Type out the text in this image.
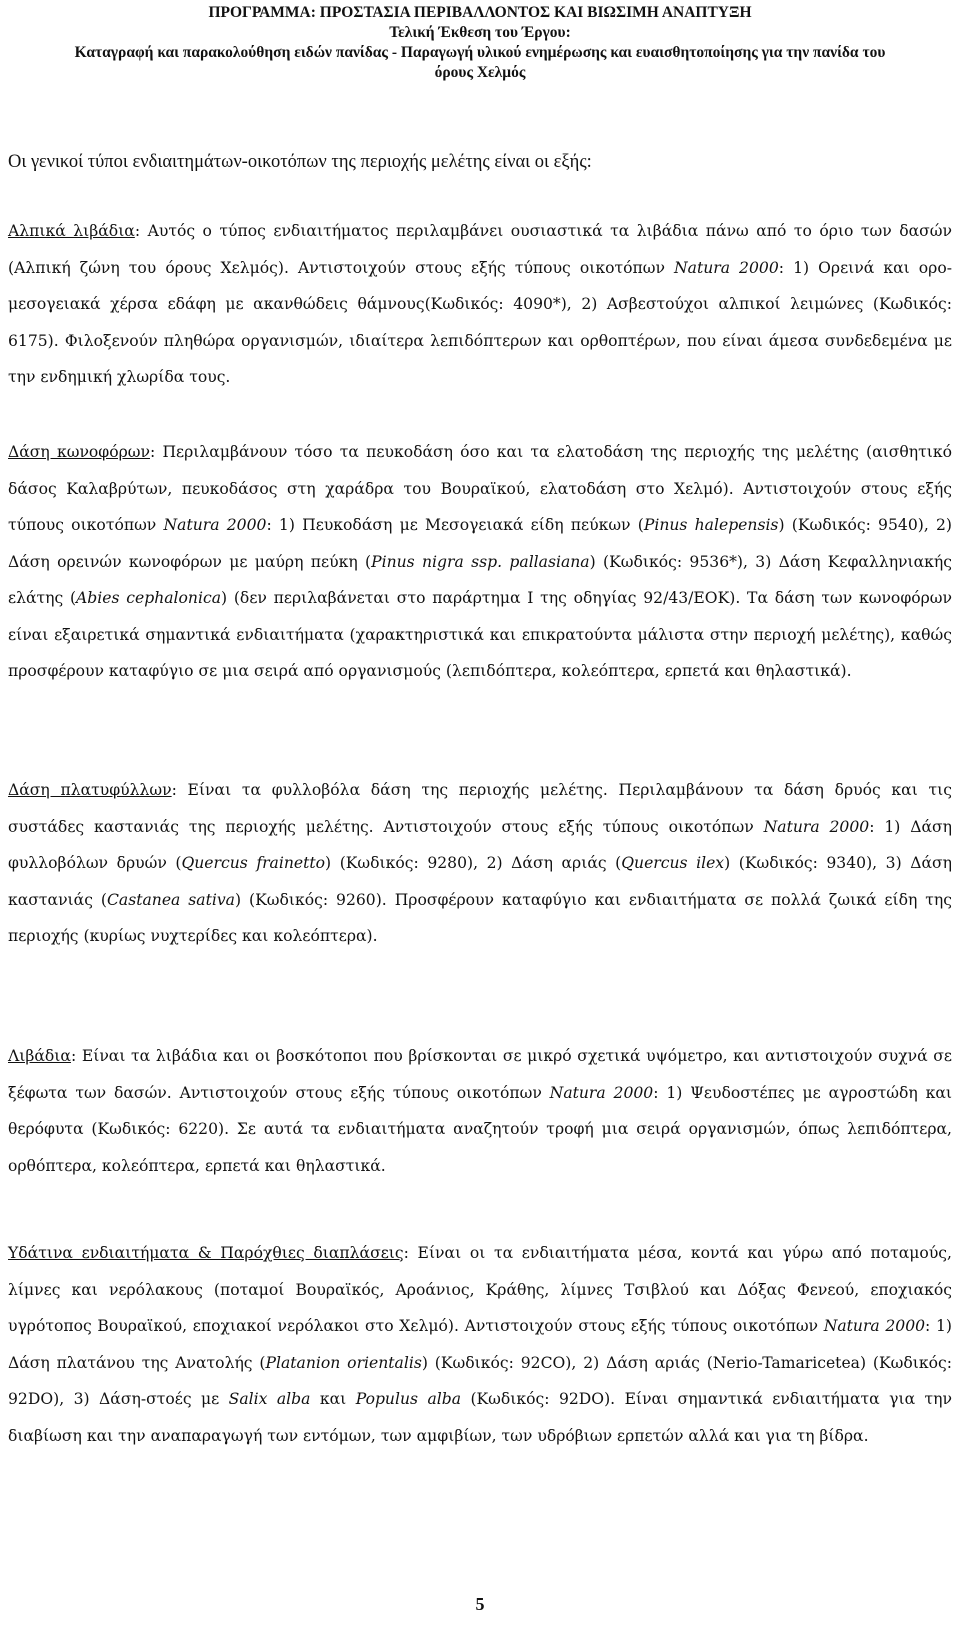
ΠΡΟΓΡΑΜΜΑ: ΠΡΟΣΤΑΣΙΑ ΠΕΡΙΒΑΛΛΟΝΤΟΣ ΚΑΙ ΒΙΩΣΙΜΗ ΑΝΑΠΤΥΞΗ
Τελική Έκθεση του Έργου:
Καταγραφή και παρακολούθηση ειδών πανίδας - Παραγωγή υλικού ενημέρωσης και ευαισθητοποίησης για την πανίδα του
όρους Χελμός

Οι γενικοί τύποι ενδιαιτημάτων-οικοτόπων της περιοχής μελέτης είναι οι εξής:

Αλπικά λιβάδια: Αυτός ο τύπος ενδιαιτήματος περιλαμβάνει ουσιαστικά τα λιβάδια πάνω από το όριο των δασών (Αλπική ζώνη του όρους Χελμός). Αντιστοιχούν στους εξής τύπους οικοτόπων Natura 2000: 1) Ορεινά και ορο-μεσογειακά χέρσα εδάφη με ακανθώδεις θάμνους(Κωδικός: 4090*), 2) Ασβεστούχοι αλπικοί λειμώνες (Κωδικός: 6175). Φιλοξενούν πληθώρα οργανισμών, ιδιαίτερα λεπιδόπτερων και ορθοπτέρων, που είναι άμεσα συνδεδεμένα με την ενδημική χλωρίδα τους.

Δάση κωνοφόρων: Περιλαμβάνουν τόσο τα πευκοδάση όσο και τα ελατοδάση της περιοχής της μελέτης (αισθητικό δάσος Καλαβρύτων, πευκοδάσος στη χαράδρα του Βουραϊκού, ελατοδάση στο Χελμό). Αντιστοιχούν στους εξής τύπους οικοτόπων Natura 2000: 1) Πευκοδάση με Μεσογειακά είδη πεύκων (Pinus halepensis) (Κωδικός: 9540), 2) Δάση ορεινών κωνοφόρων με μαύρη πεύκη (Pinus nigra ssp. pallasiana) (Κωδικός: 9536*), 3) Δάση Κεφαλληνιακής ελάτης (Abies cephalonica) (δεν περιλαβάνεται στο παράρτημα Ι της οδηγίας 92/43/ΕΟΚ). Τα δάση των κωνοφόρων είναι εξαιρετικά σημαντικά ενδιαιτήματα (χαρακτηριστικά και επικρατούντα μάλιστα στην περιοχή μελέτης), καθώς προσφέρουν καταφύγιο σε μια σειρά από οργανισμούς (λεπιδόπτερα, κολεόπτερα, ερπετά και θηλαστικά).

Δάση πλατυφύλλων: Είναι τα φυλλοβόλα δάση της περιοχής μελέτης. Περιλαμβάνουν τα δάση δρυός και τις συστάδες καστανιάς της περιοχής μελέτης. Αντιστοιχούν στους εξής τύπους οικοτόπων Natura 2000: 1) Δάση φυλλοβόλων δρυών (Quercus frainetto) (Κωδικός: 9280), 2) Δάση αριάς (Quercus ilex) (Κωδικός: 9340), 3) Δάση καστανιάς (Castanea sativa) (Κωδικός: 9260). Προσφέρουν καταφύγιο και ενδιαιτήματα σε πολλά ζωικά είδη της περιοχής (κυρίως νυχτερίδες και κολεόπτερα).

Λιβάδια: Είναι τα λιβάδια και οι βοσκότοποι που βρίσκονται σε μικρό σχετικά υψόμετρο, και αντιστοιχούν συχνά σε ξέφωτα των δασών. Αντιστοιχούν στους εξής τύπους οικοτόπων Natura 2000: 1) Ψευδοστέπες με αγροστώδη και θερόφυτα (Κωδικός: 6220). Σε αυτά τα ενδιαιτήματα αναζητούν τροφή μια σειρά οργανισμών, όπως λεπιδόπτερα, ορθόπτερα, κολεόπτερα, ερπετά και θηλαστικά.

Υδάτινα ενδιαιτήματα & Παρόχθιες διαπλάσεις: Είναι οι τα ενδιαιτήματα μέσα, κοντά και γύρω από ποταμούς, λίμνες και νερόλακους (ποταμοί Βουραϊκός, Αροάνιος, Κράθης, λίμνες Τσιβλού και Δόξας Φενεού, εποχιακός υγρότοπος Βουραϊκού, εποχιακοί νερόλακοι στο Χελμό). Αντιστοιχούν στους εξής τύπους οικοτόπων Natura 2000: 1) Δάση πλατάνου της Ανατολής (Platanion orientalis) (Κωδικός: 92CO), 2) Δάση αριάς (Nerio-Tamaricetea) (Κωδικός: 92DO), 3) Δάση-στοές με Salix alba και Populus alba (Κωδικός: 92DO). Είναι σημαντικά ενδιαιτήματα για την διαβίωση και την αναπαραγωγή των εντόμων, των αμφιβίων, των υδρόβιων ερπετών αλλά και για τη βίδρα.

5
